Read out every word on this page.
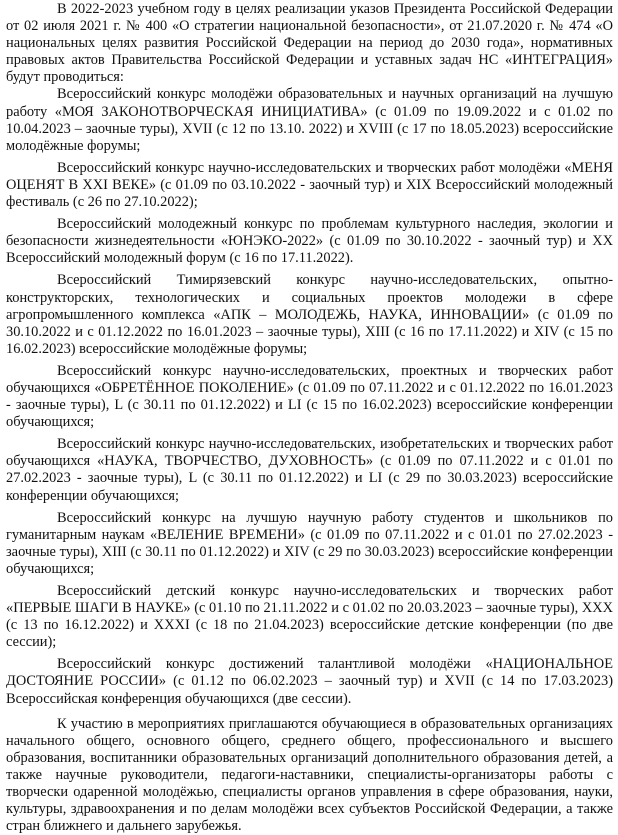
В 2022-2023 учебном году в целях реализации указов Президента Российской Федерации от 02 июля 2021 г. № 400 «О стратегии национальной безопасности», от 21.07.2020 г. № 474 «О национальных целях развития Российской Федерации на период до 2030 года», нормативных правовых актов Правительства Российской Федерации и уставных задач НС «ИНТЕГРАЦИЯ» будут проводиться:

Всероссийский конкурс молодёжи образовательных и научных организаций на лучшую работу «МОЯ ЗАКОНОТВОРЧЕСКАЯ ИНИЦИАТИВА» (с 01.09 по 19.09.2022 и с 01.02 по 10.04.2023 – заочные туры), XVII (с 12 по 13.10. 2022) и XVIII (с 17 по 18.05.2023) всероссийские молодёжные форумы;

Всероссийский конкурс научно-исследовательских и творческих работ молодёжи «МЕНЯ ОЦЕНЯТ В XXI ВЕКЕ» (с 01.09 по 03.10.2022 - заочный тур) и XIX Всероссийский молодежный фестиваль (с 26 по 27.10.2022);

Всероссийский молодежный конкурс по проблемам культурного наследия, экологии и безопасности жизнедеятельности «ЮНЭКО-2022» (с 01.09 по 30.10.2022 - заочный тур) и XX Всероссийский молодежный форум (с 16 по 17.11.2022).

Всероссийский Тимирязевский конкурс научно-исследовательских, опытно-конструкторских, технологических и социальных проектов молодежи в сфере агропромышленного комплекса «АПК – МОЛОДЕЖЬ, НАУКА, ИННОВАЦИИ» (с 01.09 по 30.10.2022 и с 01.12.2022 по 16.01.2023 – заочные туры), XIII (с 16 по 17.11.2022) и XIV (с 15 по 16.02.2023) всероссийские молодёжные форумы;

Всероссийский конкурс научно-исследовательских, проектных и творческих работ обучающихся «ОБРЕТЁННОЕ ПОКОЛЕНИЕ» (с 01.09 по 07.11.2022 и с 01.12.2022 по 16.01.2023 - заочные туры), L (с 30.11 по 01.12.2022) и LI (с 15 по 16.02.2023) всероссийские конференции обучающихся;

Всероссийский конкурс научно-исследовательских, изобретательских и творческих работ обучающихся «НАУКА, ТВОРЧЕСТВО, ДУХОВНОСТЬ» (с 01.09 по 07.11.2022 и с 01.01 по 27.02.2023 - заочные туры), L (с 30.11 по 01.12.2022) и LI (с 29 по 30.03.2023) всероссийские конференции обучающихся;

Всероссийский конкурс на лучшую научную работу студентов и школьников по гуманитарным наукам «ВЕЛЕНИЕ ВРЕМЕНИ» (с 01.09 по 07.11.2022 и с 01.01 по 27.02.2023 - заочные туры), XIII (с 30.11 по 01.12.2022) и XIV (с 29 по 30.03.2023) всероссийские конференции обучающихся;

Всероссийский детский конкурс научно-исследовательских и творческих работ «ПЕРВЫЕ ШАГИ В НАУКЕ» (с 01.10 по 21.11.2022 и с 01.02 по 20.03.2023 – заочные туры), XXX (с 13 по 16.12.2022) и XXXI (с 18 по 21.04.2023) всероссийские детские конференции (по две сессии);

Всероссийский конкурс достижений талантливой молодёжи «НАЦИОНАЛЬНОЕ ДОСТОЯНИЕ РОССИИ» (с 01.12 по 06.02.2023 – заочный тур) и XVII (с 14 по 17.03.2023) Всероссийская конференция обучающихся (две сессии).

К участию в мероприятиях приглашаются обучающиеся в образовательных организациях начального общего, основного общего, среднего общего, профессионального и высшего образования, воспитанники образовательных организаций дополнительного образования детей, а также научные руководители, педагоги-наставники, специалисты-организаторы работы с творчески одаренной молодёжью, специалисты органов управления в сфере образования, науки, культуры, здравоохранения и по делам молодёжи всех субъектов Российской Федерации, а также стран ближнего и дальнего зарубежья.
